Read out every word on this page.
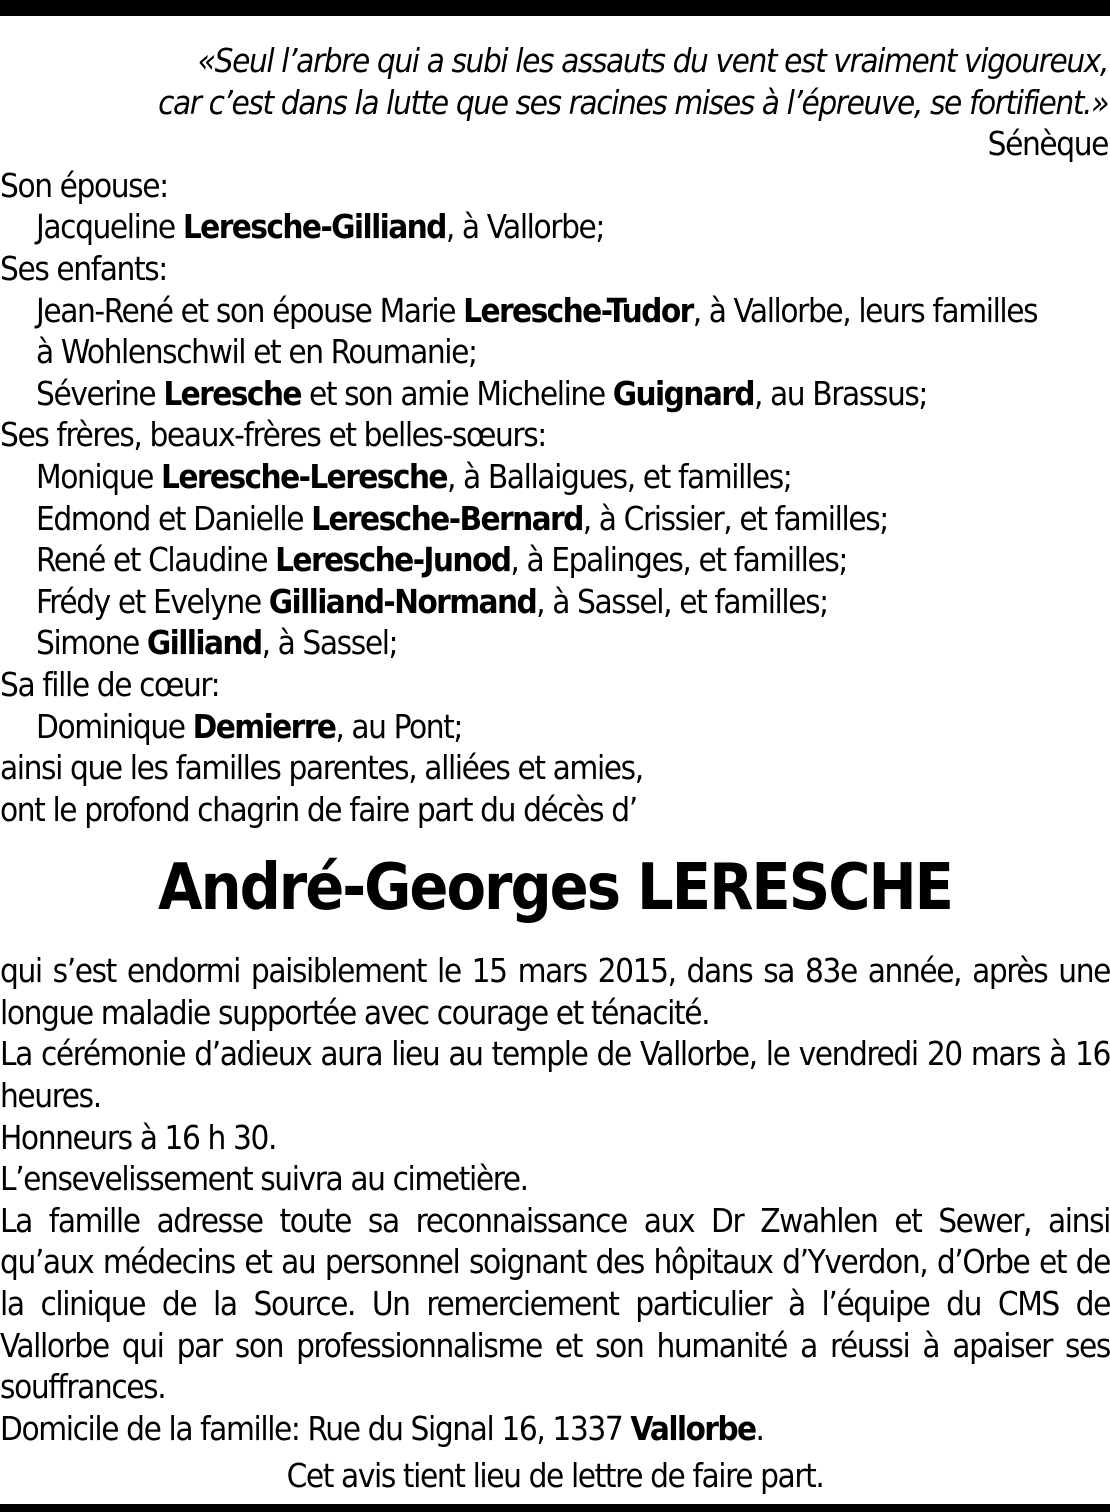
«Seul l’arbre qui a subi les assauts du vent est vraiment vigoureux,
car c’est dans la lutte que ses racines mises à l’épreuve, se fortifient.»
Sénèque
Son épouse:
Jacqueline Leresche-Gilliand, à Vallorbe;
Ses enfants:
Jean-René et son épouse Marie Leresche-Tudor, à Vallorbe, leurs familles
à Wohlenschwil et en Roumanie;
Séverine Leresche et son amie Micheline Guignard, au Brassus;
Ses frères, beaux-frères et belles-sœurs:
Monique Leresche-Leresche, à Ballaigues, et familles;
Edmond et Danielle Leresche-Bernard, à Crissier, et familles;
René et Claudine Leresche-Junod, à Epalinges, et familles;
Frédy et Evelyne Gilliand-Normand, à Sassel, et familles;
Simone Gilliand, à Sassel;
Sa fille de cœur:
Dominique Demierre, au Pont;
ainsi que les familles parentes, alliées et amies,
ont le profond chagrin de faire part du décès d’
André-Georges LERESCHE
qui s’est endormi paisiblement le 15 mars 2015, dans sa 83e année, après une longue maladie supportée avec courage et ténacité.
La cérémonie d’adieux aura lieu au temple de Vallorbe, le vendredi 20 mars à 16 heures.
Honneurs à 16 h 30.
L’ensevelissement suivra au cimetière.
La famille adresse toute sa reconnaissance aux Dr Zwahlen et Sewer, ainsi qu’aux médecins et au personnel soignant des hôpitaux d’Yverdon, d’Orbe et de la clinique de la Source. Un remerciement particulier à l’équipe du CMS de Vallorbe qui par son professionnalisme et son humanité a réussi à apaiser ses souffrances.
Domicile de la famille: Rue du Signal 16, 1337 Vallorbe.
Cet avis tient lieu de lettre de faire part.
